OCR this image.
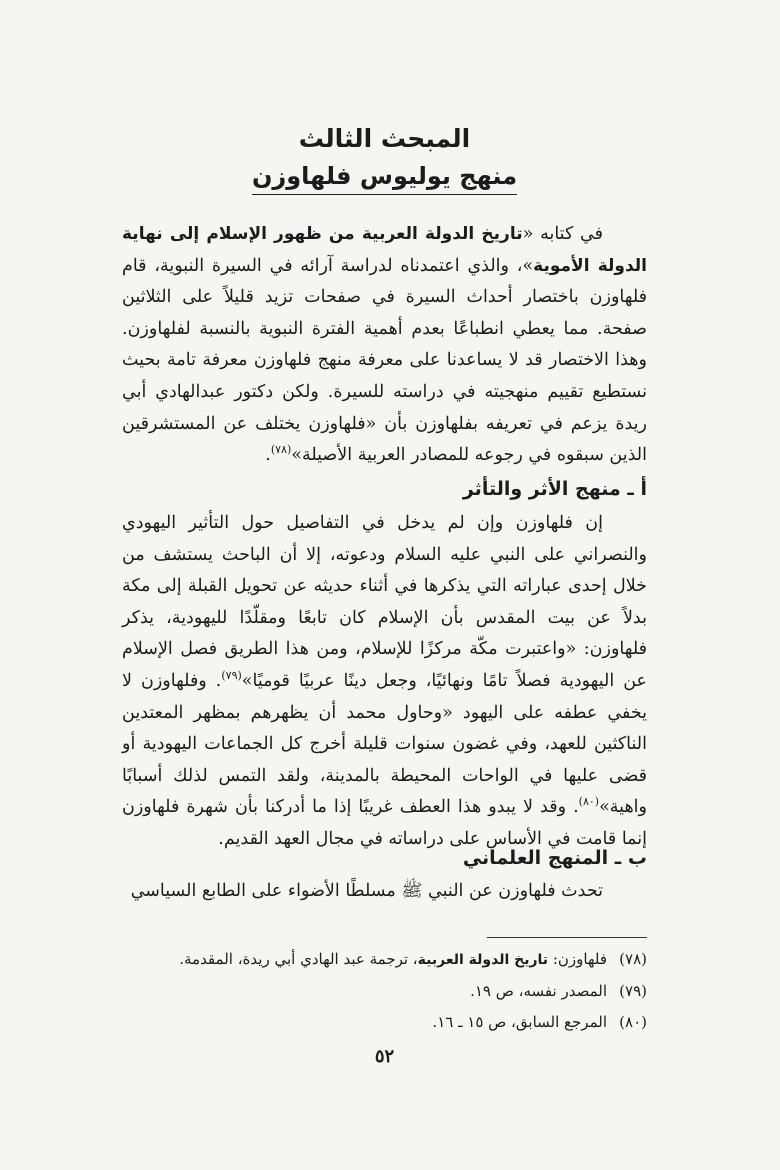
المبحث الثالث
منهج يوليوس فلهاوزن
في كتابه «تاريخ الدولة العربية من ظهور الإسلام إلى نهاية الدولة الأموية»، والذي اعتمدناه لدراسة آرائه في السيرة النبوية، قام فلهاوزن باختصار أحداث السيرة في صفحات تزيد قليلاً على الثلاثين صفحة. مما يعطي انطباعًا بعدم أهمية الفترة النبوية بالنسبة لفلهاوزن. وهذا الاختصار قد لا يساعدنا على معرفة منهج فلهاوزن معرفة تامة بحيث نستطيع تقييم منهجيته في دراسته للسيرة. ولكن دكتور عبدالهادي أبي ريدة يزعم في تعريفه بفلهاوزن بأن «فلهاوزن يختلف عن المستشرقين الذين سبقوه في رجوعه للمصادر العربية الأصيلة»$^{(٧٨)}$.
أ ـ منهج الأثر والتأثر
إن فلهاوزن وإن لم يدخل في التفاصيل حول التأثير اليهودي والنصراني على النبي عليه السلام ودعوته، إلا أن الباحث يستشف من خلال إحدى عباراته التي يذكرها في أثناء حديثه عن تحويل القبلة إلى مكة بدلاً عن بيت المقدس بأن الإسلام كان تابعًا ومقلّدًا لليهودية، يذكر فلهاوزن: «واعتبرت مكّة مركزًا للإسلام، ومن هذا الطريق فصل الإسلام عن اليهودية فصلاً تامًا ونهائيًا، وجعل دينًا عربيًا قوميًا»$^{(٧٩)}$. وفلهاوزن لا يخفي عطفه على اليهود «وحاول محمد أن يظهرهم بمظهر المعتدين الناكثين للعهد، وفي غضون سنوات قليلة أخرج كل الجماعات اليهودية أو قضى عليها في الواحات المحيطة بالمدينة، ولقد التمس لذلك أسبابًا واهية»$^{(٨٠)}$. وقد لا يبدو هذا العطف غريبًا إذا ما أدركنا بأن شهرة فلهاوزن إنما قامت في الأساس على دراساته في مجال العهد القديم.
ب ـ المنهج العلماني
تحدث فلهاوزن عن النبي ﷺ مسلطًا الأضواء على الطابع السياسي
(٧٨)فلهاوزن: تاريخ الدولة العربية، ترجمة عبد الهادي أبي ريدة، المقدمة.
(٧٩)المصدر نفسه، ص ١٩.
(٨٠)المرجع السابق، ص ١٥ ـ ١٦.
٥٢
